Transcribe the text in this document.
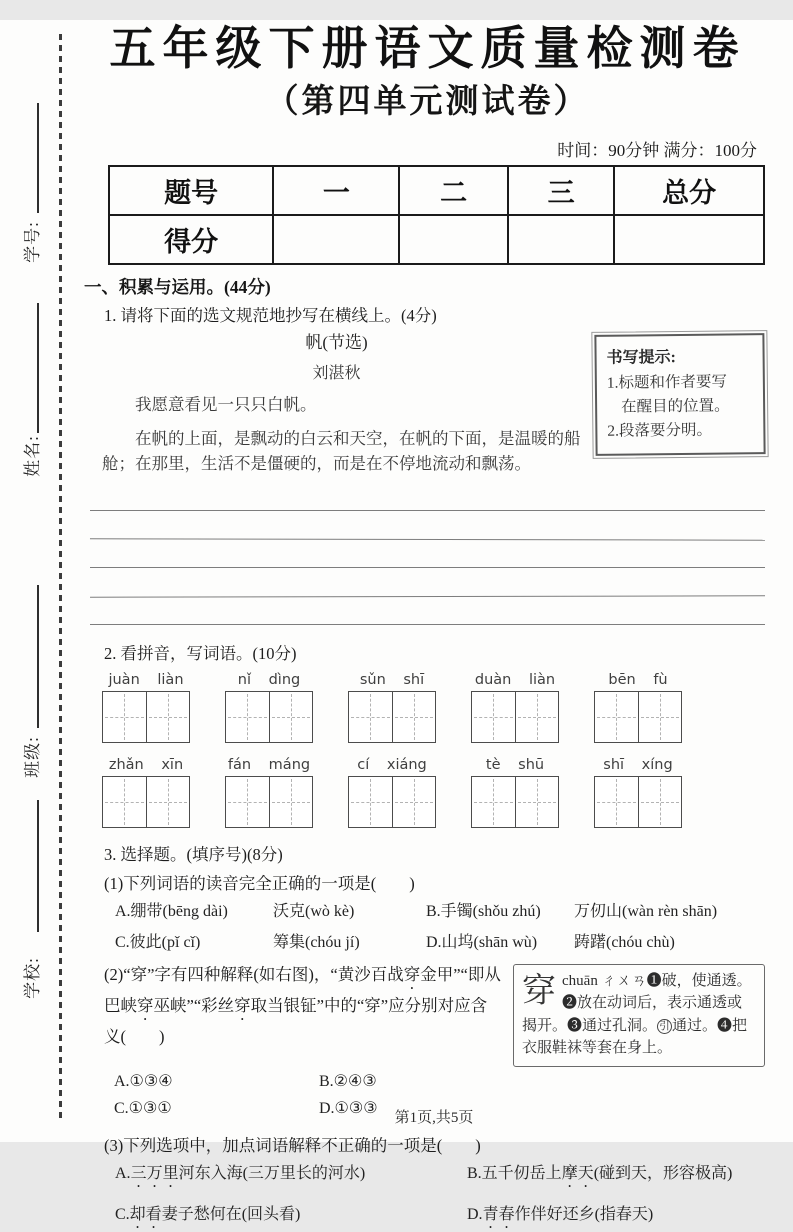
学号:
姓名:
班级:
学校:
五年级下册语文质量检测卷
（第四单元测试卷）
时间：90分钟 满分：100分
题号	一	二	三	总分
得分				
一、积累与运用。(44分)
1. 请将下面的选文规范地抄写在横线上。(4分)
书写提示:
1.标题和作者要写
在醒目的位置。
2.段落要分明。
帆(节选)
刘湛秋
我愿意看见一只只白帆。
在帆的上面，是飘动的白云和天空，在帆的下面，是温暖的船舱；在那里，生活不是僵硬的，而是在不停地流动和飘荡。
2. 看拼音，写词语。(10分)
juàn liàn	nǐ dìng	sǔn shī	duàn liàn	bēn fù
zhǎn xīn	fán máng	cí xiáng	tè shū	shī xíng
3. 选择题。(填序号)(8分)
(1)下列词语的读音完全正确的一项是(　　)
A.绷带(bēng dài)	沃克(wò kè)	B.手镯(shǒu zhú)	万仞山(wàn rèn shān)
C.彼此(pǐ cǐ)	筹集(chóu jí)	D.山坞(shān wù)	踌躇(chóu chù)
穿chuān ㄔㄨㄢ❶破，使通透。❷放在动词后，表示通透或揭开。❸通过孔洞。 引 通过。❹把衣服鞋袜等套在身上。
(2)“穿”字有四种解释(如右图)，“黄沙百战穿金甲”“即从巴峡穿巫峡”“彩丝穿取当银钲”中的“穿”应分别对应含义(　　)
A.①③④	B.②④③
C.①③①	D.①③③
(3)下列选项中，加点词语解释不正确的一项是(　　)
A.三万里河东入海(三万里长的河水)	B.五千仞岳上摩天(碰到天，形容极高)
C.却看妻子愁何在(回头看)	D.青春作伴好还乡(指春天)
第1页,共5页
